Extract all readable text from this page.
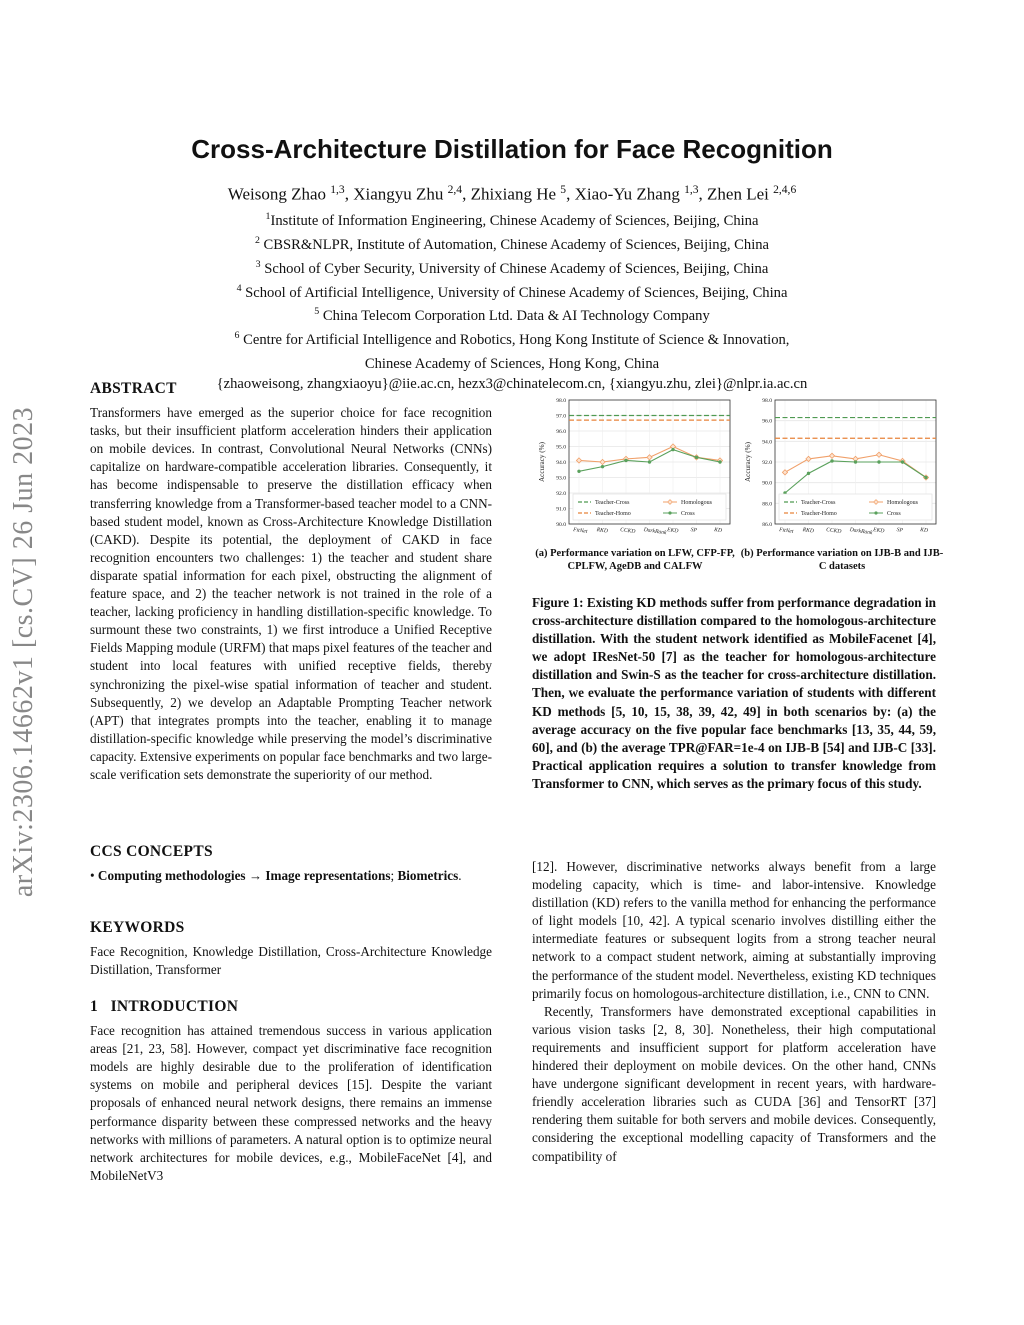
arXiv:2306.14662v1 [cs.CV] 26 Jun 2023
Cross-Architecture Distillation for Face Recognition
Weisong Zhao $^{1,3}$, Xiangyu Zhu $^{2,4}$, Zhixiang He $^5$, Xiao-Yu Zhang $^{1,3}$, Zhen Lei $^{2,4,6}$
$^1$Institute of Information Engineering, Chinese Academy of Sciences, Beijing, China
$^2$ CBSR&NLPR, Institute of Automation, Chinese Academy of Sciences, Beijing, China
$^3$ School of Cyber Security, University of Chinese Academy of Sciences, Beijing, China
$^4$ School of Artificial Intelligence, University of Chinese Academy of Sciences, Beijing, China
$^5$ China Telecom Corporation Ltd. Data & AI Technology Company
$^6$ Centre for Artificial Intelligence and Robotics, Hong Kong Institute of Science & Innovation,
Chinese Academy of Sciences, Hong Kong, China
{zhaoweisong, zhangxiaoyu}@iie.ac.cn, hezx3@chinatelecom.cn, {xiangyu.zhu, zlei}@nlpr.ia.ac.cn
ABSTRACT

Transformers have emerged as the superior choice for face recognition tasks, but their insufficient platform acceleration hinders their application on mobile devices. In contrast, Convolutional Neural Networks (CNNs) capitalize on hardware-compatible acceleration libraries. Consequently, it has become indispensable to preserve the distillation efficacy when transferring knowledge from a Transformer-based teacher model to a CNN-based student model, known as Cross-Architecture Knowledge Distillation (CAKD). Despite its potential, the deployment of CAKD in face recognition encounters two challenges: 1) the teacher and student share disparate spatial information for each pixel, obstructing the alignment of feature space, and 2) the teacher network is not trained in the role of a teacher, lacking proficiency in handling distillation-specific knowledge. To surmount these two constraints, 1) we first introduce a Unified Receptive Fields Mapping module (URFM) that maps pixel features of the teacher and student into local features with unified receptive fields, thereby synchronizing the pixel-wise spatial information of teacher and student. Subsequently, 2) we develop an Adaptable Prompting Teacher network (APT) that integrates prompts into the teacher, enabling it to manage distillation-specific knowledge while preserving the model’s discriminative capacity. Extensive experiments on popular face benchmarks and two large-scale verification sets demonstrate the superiority of our method.

CCS CONCEPTS

• Computing methodologies → Image representations; Biometrics.

KEYWORDS

Face Recognition, Knowledge Distillation, Cross-Architecture Knowledge Distillation, Transformer

1 INTRODUCTION

Face recognition has attained tremendous success in various application areas [21, 23, 58]. However, compact yet discriminative face recognition models are highly desirable due to the proliferation of identification systems on mobile and peripheral devices [15]. Despite the variant proposals of enhanced neural network designs, there remains an immense performance disparity between these compressed networks and the heavy networks with millions of parameters. A natural option is to optimize neural network architectures for mobile devices, e.g., MobileFaceNet [4], and MobileNetV3

90.0
91.0
92.0
93.0
94.0
95.0
96.0
97.0
98.0
FitNet RKD CCKD DarkRank EKD SP	KD
Accuracy (%)
Teacher-Cross
Teacher-Homo
Homologous
Cross
86.0
88.0
90.0
92.0
94.0
96.0
98.0
FitNet RKD CCKD DarkRank EKD SP	KD
Accuracy (%)
Teacher-Cross
Teacher-Homo
Homologous
Cross
(a) Performance variation on LFW, CFP-FP, CPLFW, AgeDB and CALFW
(b) Performance variation on IJB-B and IJB-C datasets
Figure 1: Existing KD methods suffer from performance degradation in cross-architecture distillation compared to the homologous-architecture distillation. With the student network identified as MobileFacenet [4], we adopt IResNet-50 [7] as the teacher for homologous-architecture distillation and Swin-S as the teacher for cross-architecture distillation. Then, we evaluate the performance variation of students with different KD methods [5, 10, 15, 38, 39, 42, 49] in both scenarios by: (a) the average accuracy on the five popular face benchmarks [13, 35, 44, 59, 60], and (b) the average TPR@FAR=1e-4 on IJB-B [54] and IJB-C [33]. Practical application requires a solution to transfer knowledge from Transformer to CNN, which serves as the primary focus of this study.

[12]. However, discriminative networks always benefit from a large modeling capacity, which is time- and labor-intensive. Knowledge distillation (KD) refers to the vanilla method for enhancing the performance of light models [10, 42]. A typical scenario involves distilling either the intermediate features or subsequent logits from a strong teacher neural network to a compact student network, aiming at substantially improving the performance of the student model. Nevertheless, existing KD techniques primarily focus on homologous-architecture distillation, i.e., CNN to CNN.

Recently, Transformers have demonstrated exceptional capabilities in various vision tasks [2, 8, 30]. Nonetheless, their high computational requirements and insufficient support for platform acceleration have hindered their deployment on mobile devices. On the other hand, CNNs have undergone significant development in recent years, with hardware-friendly acceleration libraries such as CUDA [36] and TensorRT [37] rendering them suitable for both servers and mobile devices. Consequently, considering the exceptional modelling capacity of Transformers and the compatibility of
